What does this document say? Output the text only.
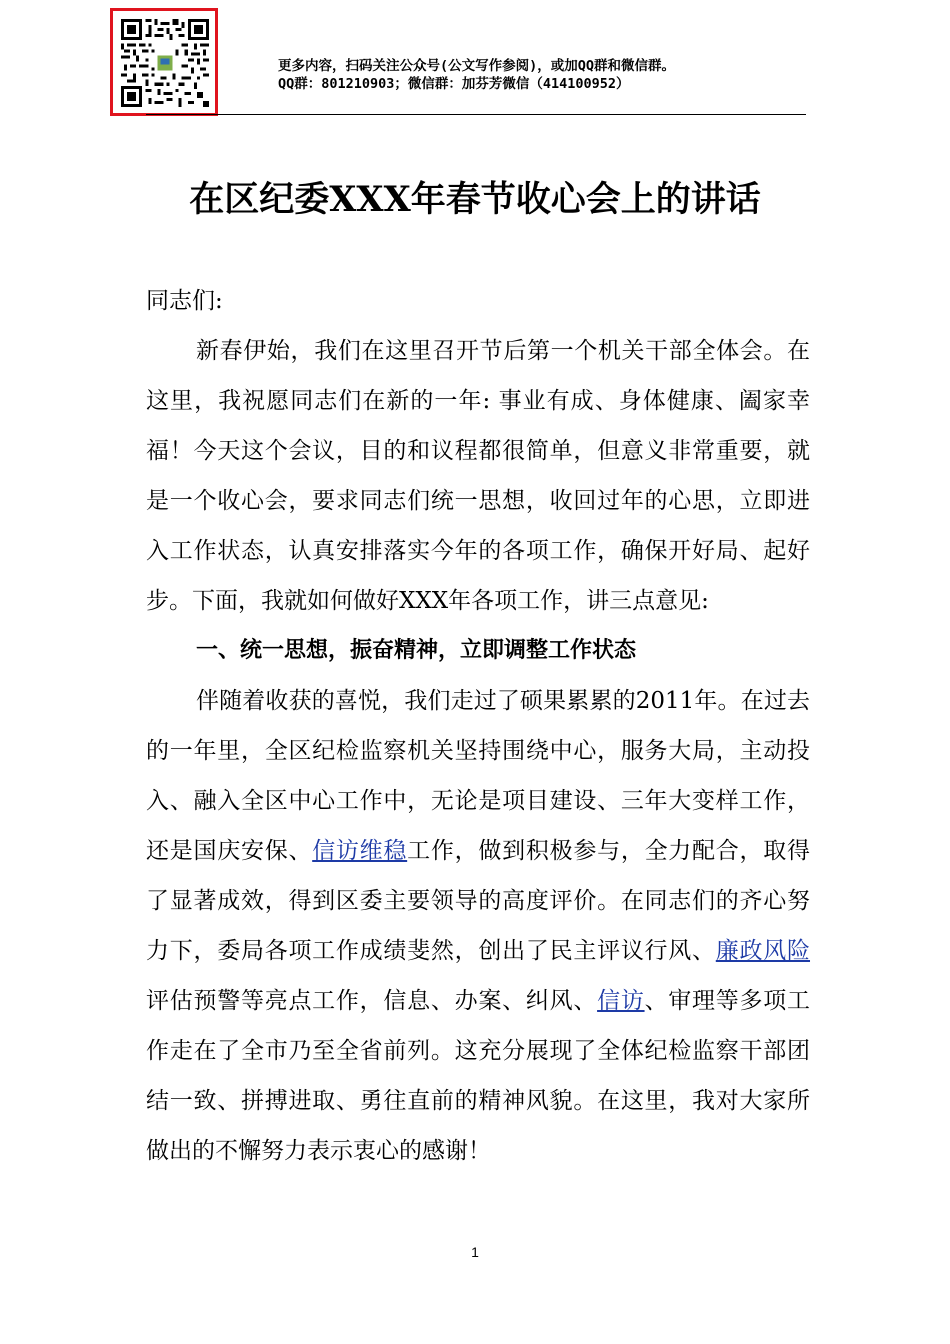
更多内容，扫码关注公众号(公文写作参阅)，或加QQ群和微信群。
QQ群：801210903；微信群：加芬芳微信（414100952）
在区纪委XXX年春节收心会上的讲话

同志们:

新春伊始，我们在这里召开节后第一个机关干部全体会。在这里，我祝愿同志们在新的一年: 事业有成、身体健康、阖家幸福！今天这个会议，目的和议程都很简单，但意义非常重要，就是一个收心会，要求同志们统一思想，收回过年的心思，立即进入工作状态，认真安排落实今年的各项工作，确保开好局、起好步。下面，我就如何做好XXX年各项工作，讲三点意见:

一、统一思想，振奋精神，立即调整工作状态

伴随着收获的喜悦，我们走过了硕果累累的2011年。在过去的一年里，全区纪检监察机关坚持围绕中心，服务大局，主动投入、融入全区中心工作中，无论是项目建设、三年大变样工作，还是国庆安保、信访维稳工作，做到积极参与，全力配合，取得了显著成效，得到区委主要领导的高度评价。在同志们的齐心努力下，委局各项工作成绩斐然，创出了民主评议行风、廉政风险评估预警等亮点工作，信息、办案、纠风、信访、审理等多项工作走在了全市乃至全省前列。这充分展现了全体纪检监察干部团结一致、拼搏进取、勇往直前的精神风貌。在这里，我对大家所做出的不懈努力表示衷心的感谢！

1
